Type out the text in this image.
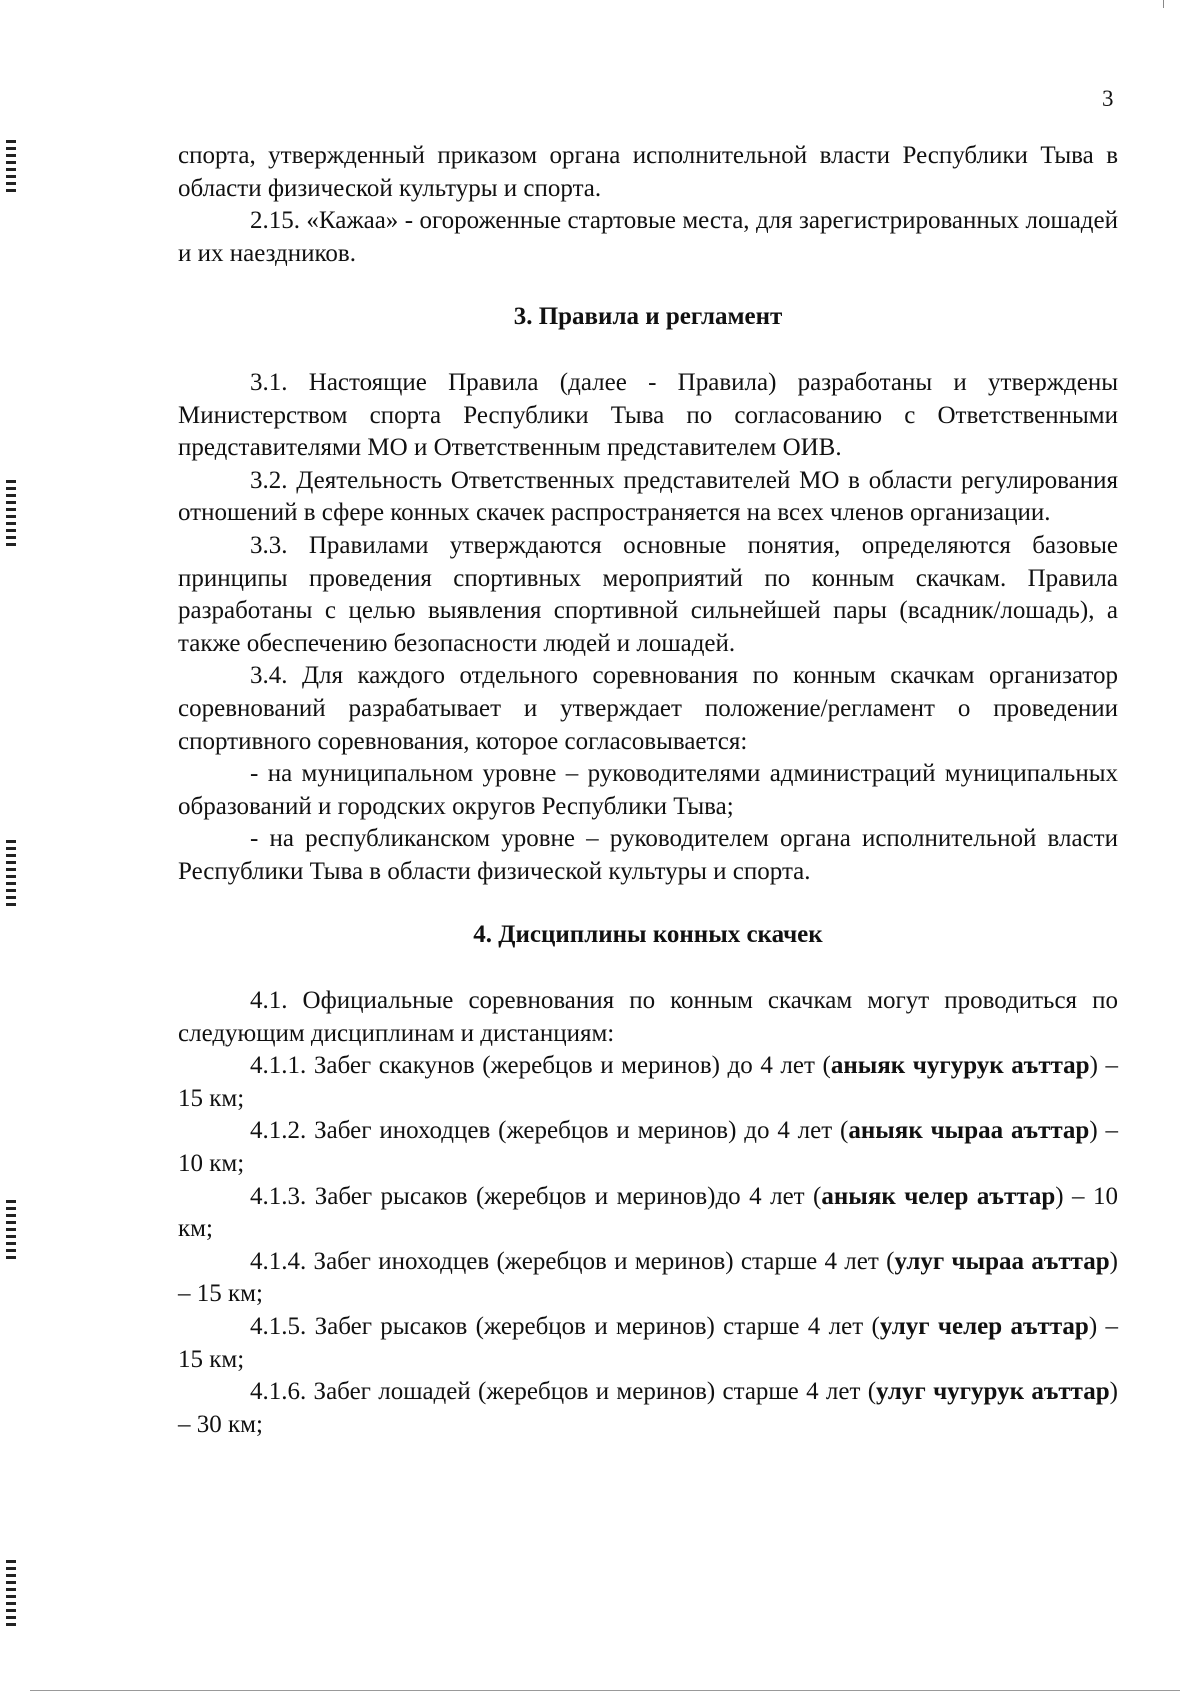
3

спорта, утвержденный приказом органа исполнительной власти Республики Тыва в области физической культуры и спорта.

2.15. «Кажаа» - огороженные стартовые места, для зарегистрированных лошадей и их наездников.

3. Правила и регламент

3.1. Настоящие Правила (далее - Правила) разработаны и утверждены Министерством спорта Республики Тыва по согласованию с Ответственными представителями МО и Ответственным представителем ОИВ.

3.2. Деятельность Ответственных представителей МО в области регулирования отношений в сфере конных скачек распространяется на всех членов организации.

3.3. Правилами утверждаются основные понятия, определяются базовые принципы проведения спортивных мероприятий по конным скачкам. Правила разработаны с целью выявления спортивной сильнейшей пары (всадник/лошадь), а также обеспечению безопасности людей и лошадей.

3.4. Для каждого отдельного соревнования по конным скачкам организатор соревнований разрабатывает и утверждает положение/регламент о проведении спортивного соревнования, которое согласовывается:

- на муниципальном уровне – руководителями администраций муниципальных образований и городских округов Республики Тыва;

- на республиканском уровне – руководителем органа исполнительной власти Республики Тыва в области физической культуры и спорта.

4. Дисциплины конных скачек

4.1. Официальные соревнования по конным скачкам могут проводиться по следующим дисциплинам и дистанциям:

4.1.1. Забег скакунов (жеребцов и меринов) до 4 лет (аныяк чугурук аъттар) – 15 км;

4.1.2. Забег иноходцев (жеребцов и меринов) до 4 лет (аныяк чыраа аъттар) – 10 км;

4.1.3. Забег рысаков (жеребцов и меринов)до 4 лет (аныяк челер аъттар) – 10 км;

4.1.4. Забег иноходцев (жеребцов и меринов) старше 4 лет (улуг чыраа аъттар) – 15 км;

4.1.5. Забег рысаков (жеребцов и меринов) старше 4 лет (улуг челер аъттар) – 15 км;

4.1.6. Забег лошадей (жеребцов и меринов) старше 4 лет (улуг чугурук аъттар) – 30 км;
